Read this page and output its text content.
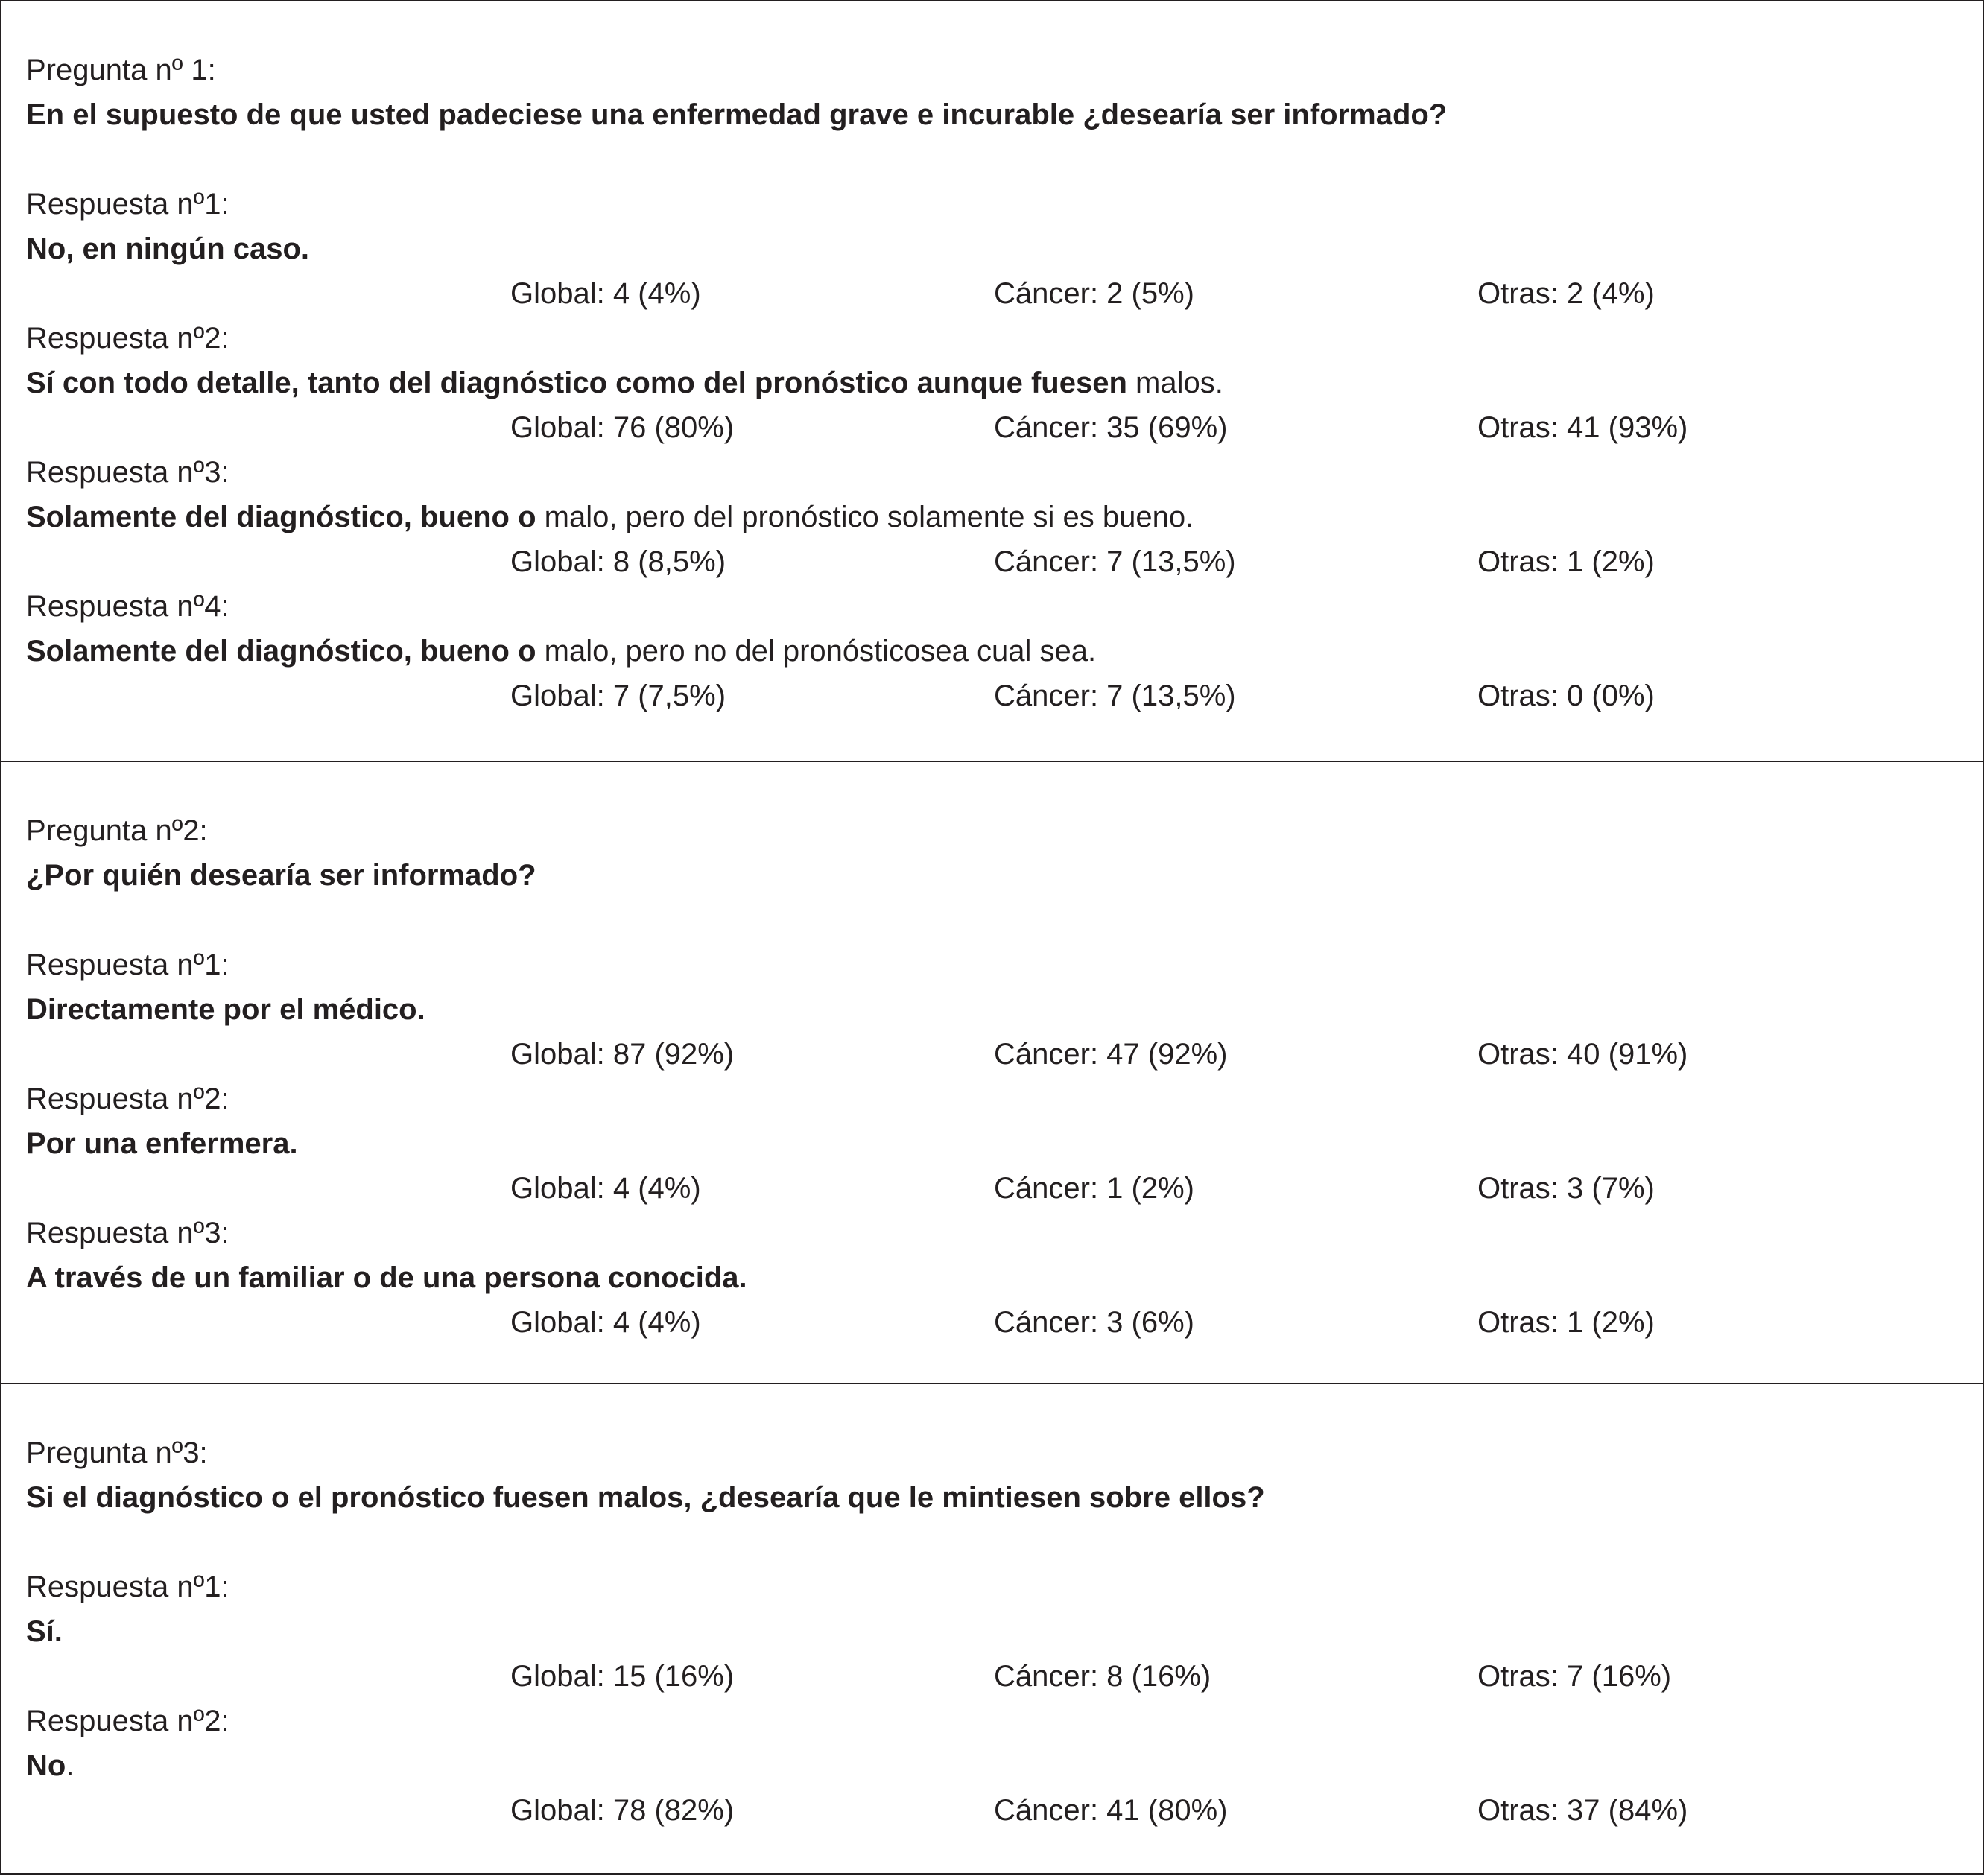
Pregunta nº 1:
En el supuesto de que usted padeciese una enfermedad grave e incurable ¿desearía ser informado?
Respuesta nº1:
No, en ningún caso.
Global: 4 (4%)	Cáncer: 2 (5%)	Otras: 2 (4%)
Respuesta nº2:
Sí con todo detalle, tanto del diagnóstico como del pronóstico aunque fuesen malos.
Global: 76 (80%)	Cáncer: 35 (69%)	Otras: 41 (93%)
Respuesta nº3:
Solamente del diagnóstico, bueno o malo, pero del pronóstico solamente si es bueno.
Global: 8 (8,5%)	Cáncer: 7 (13,5%)	Otras: 1 (2%)
Respuesta nº4:
Solamente del diagnóstico, bueno o malo, pero no del pronósticosea cual sea.
Global: 7 (7,5%)	Cáncer: 7 (13,5%)	Otras: 0 (0%)
Pregunta nº2:
¿Por quién desearía ser informado?
Respuesta nº1:
Directamente por el médico.
Global: 87 (92%)	Cáncer: 47 (92%)	Otras: 40 (91%)
Respuesta nº2:
Por una enfermera.
Global: 4 (4%)	Cáncer: 1 (2%)	Otras: 3 (7%)
Respuesta nº3:
A través de un familiar o de una persona conocida.
Global: 4 (4%)	Cáncer: 3 (6%)	Otras: 1 (2%)
Pregunta nº3:
Si el diagnóstico o el pronóstico fuesen malos, ¿desearía que le mintiesen sobre ellos?
Respuesta nº1:
Sí.
Global: 15 (16%)	Cáncer: 8 (16%)	Otras: 7 (16%)
Respuesta nº2:
No.
Global: 78 (82%)	Cáncer: 41 (80%)	Otras: 37 (84%)
